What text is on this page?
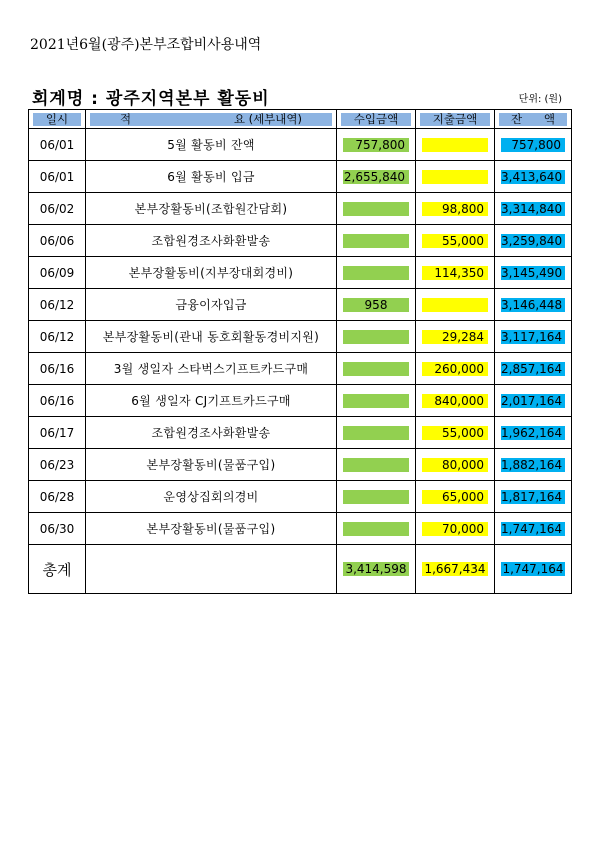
2021년6월(광주)본부조합비사용내역
회계명 : 광주지역본부 활동비	단위: (원)
일시	적 요 (세부내역)	수입금액	지출금액	잔 액

06/01	5월 활동비 잔액	757,800		757,800

06/01	6월 활동비 입금	2,655,840		3,413,640

06/02	본부장활동비(조합원간담회)		98,800	3,314,840

06/06	조합원경조사화환발송		55,000	3,259,840

06/09	본부장활동비(지부장대회경비)		114,350	3,145,490

06/12	금융이자입금	958		3,146,448

06/12	본부장활동비(관내 동호회활동경비지원)		29,284	3,117,164

06/16	3월 생일자 스타벅스기프트카드구매		260,000	2,857,164

06/16	6월 생일자 CJ기프트카드구매		840,000	2,017,164

06/17	조합원경조사화환발송		55,000	1,962,164

06/23	본부장활동비(물품구입)		80,000	1,882,164

06/28	운영상집회의경비		65,000	1,817,164

06/30	본부장활동비(물품구입)		70,000	1,747,164

총계		3,414,598	1,667,434	1,747,164
